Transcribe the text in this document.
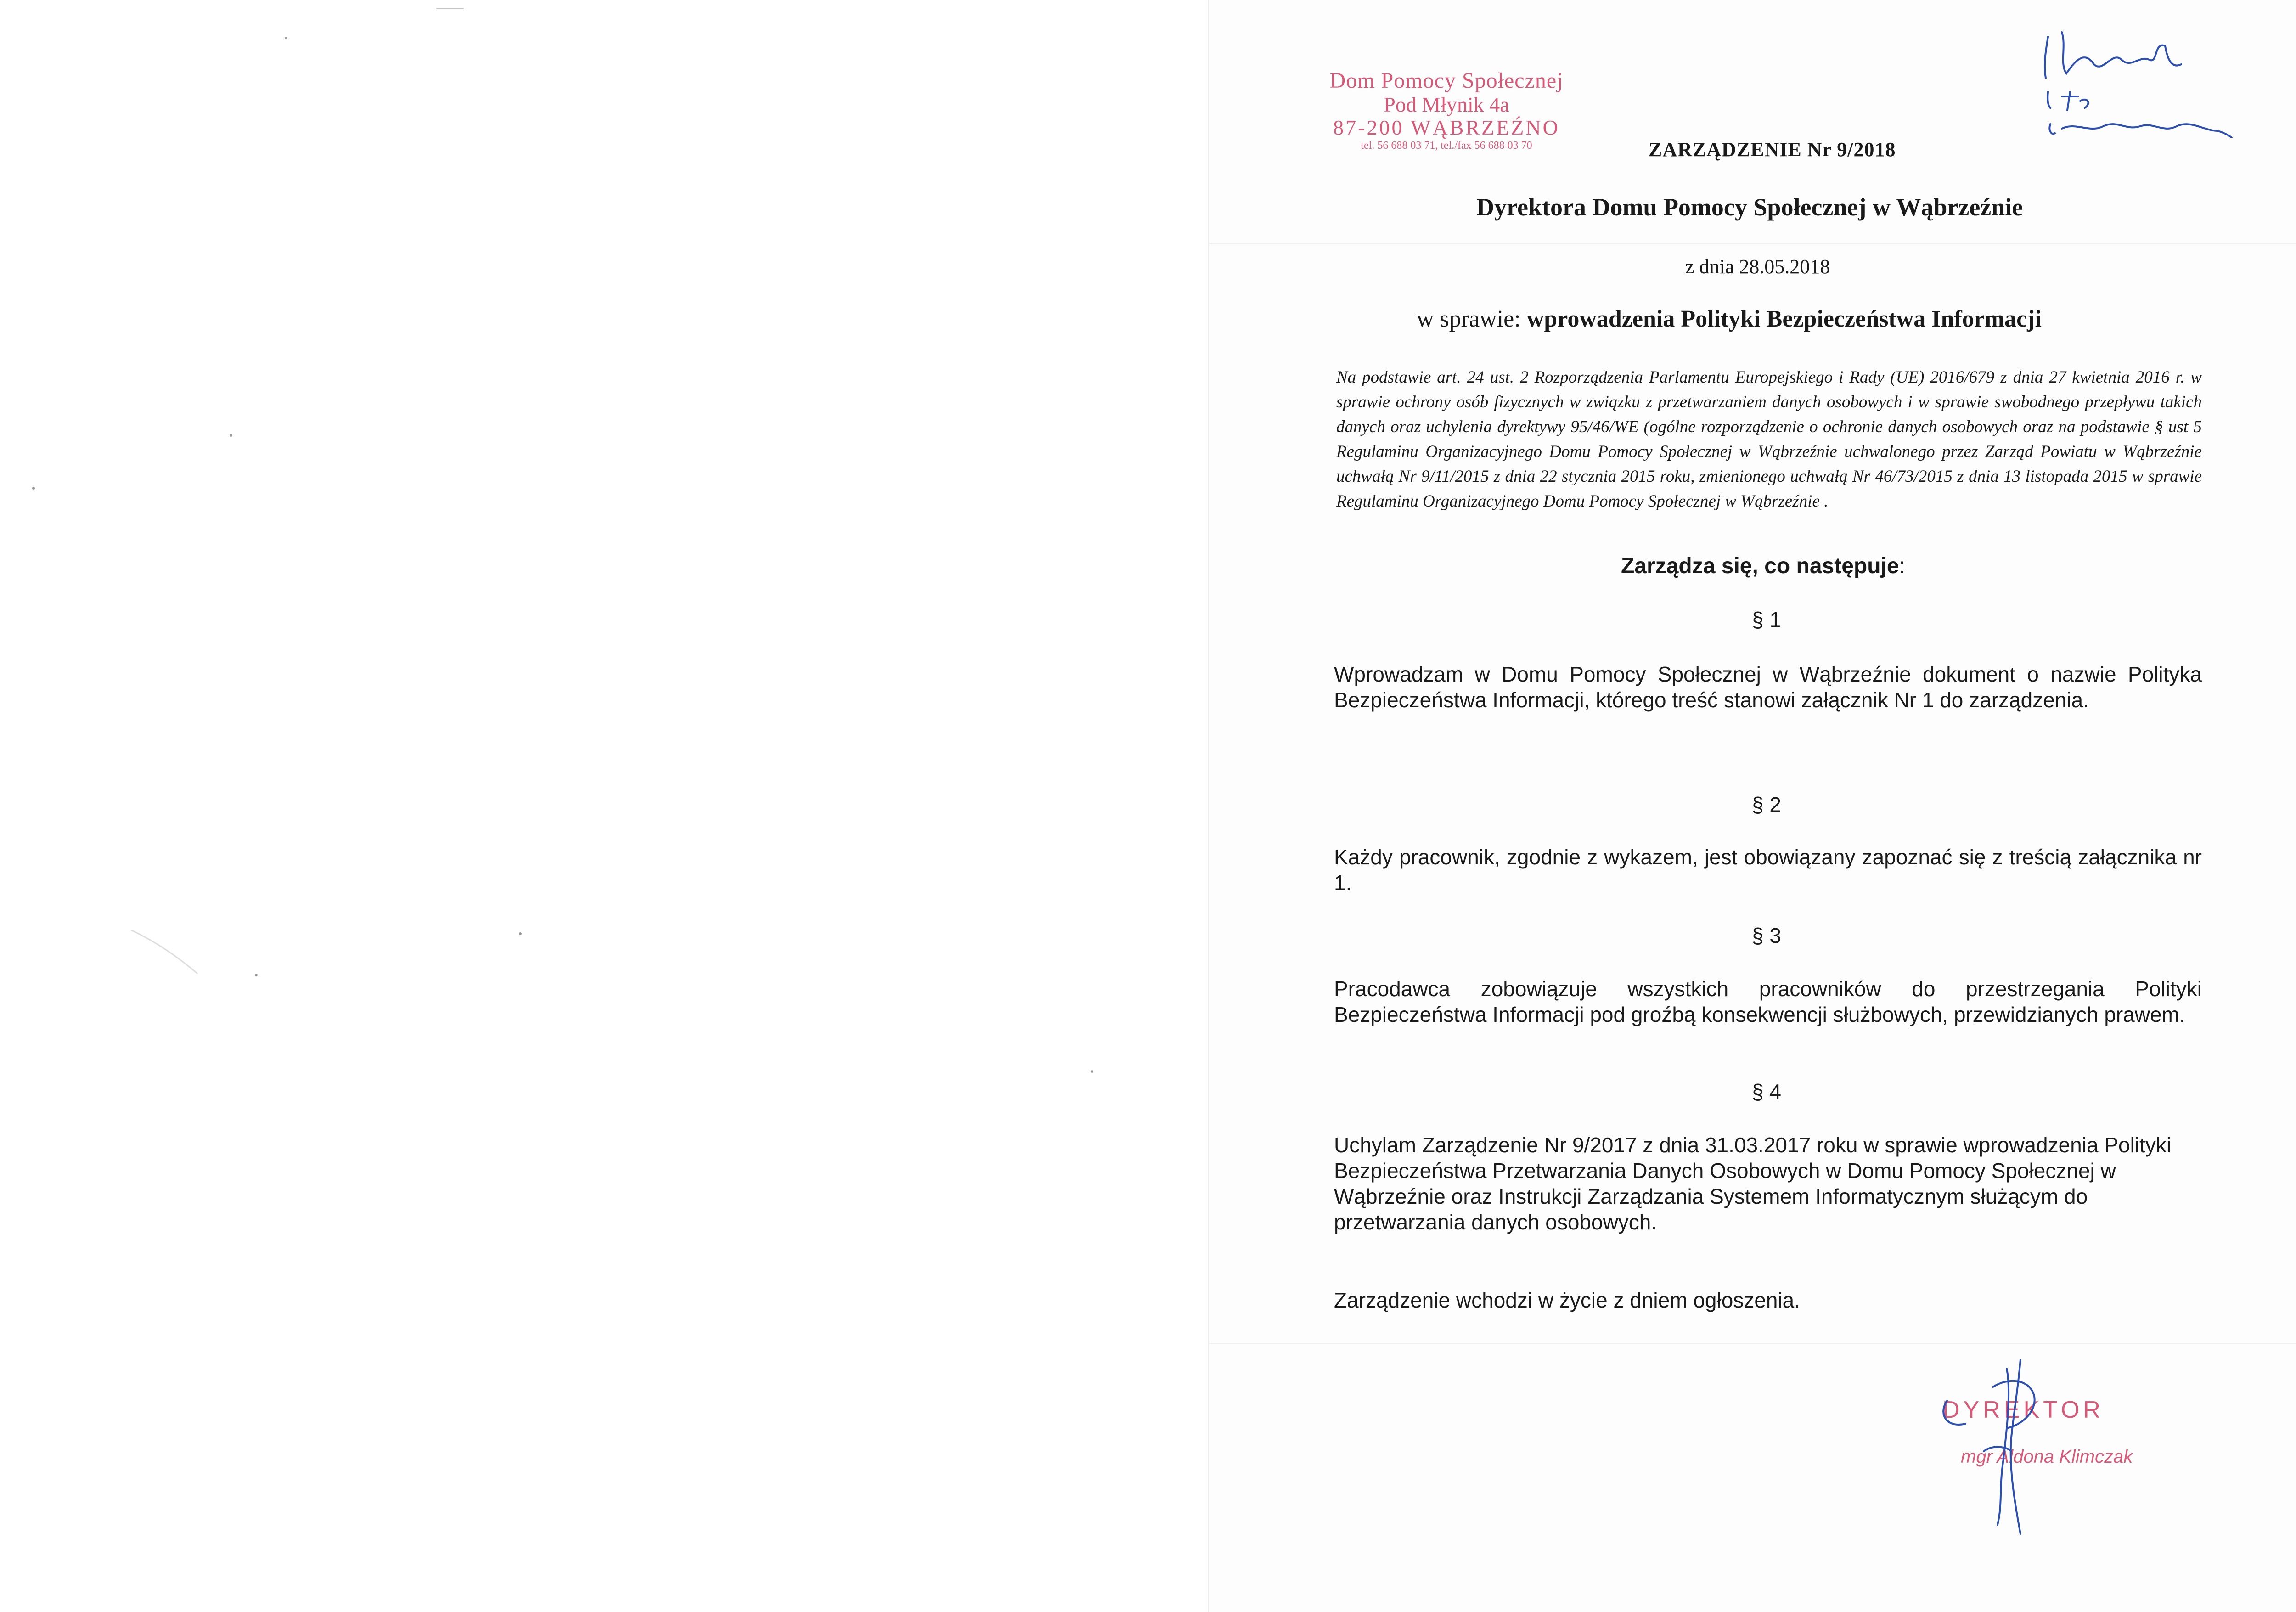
Dom Pomocy Społecznej
Pod Młynik 4a
87-200 WĄBRZEŹNO
tel. 56 688 03 71, tel./fax 56 688 03 70	ZARZĄDZENIE Nr 9/2018
Dyrektora Domu Pomocy Społecznej w Wąbrzeźnie
z dnia 28.05.2018
w sprawie: wprowadzenia Polityki Bezpieczeństwa Informacji
Na podstawie art. 24 ust. 2 Rozporządzenia Parlamentu Europejskiego i Rady (UE) 2016/679 z dnia 27 kwietnia 2016 r. w sprawie ochrony osób fizycznych w związku z przetwarzaniem danych osobowych i w sprawie swobodnego przepływu takich danych oraz uchylenia dyrektywy 95/46/WE (ogólne rozporządzenie o ochronie danych osobowych oraz na podstawie § ust 5 Regulaminu Organizacyjnego Domu Pomocy Społecznej w Wąbrzeźnie uchwalonego przez Zarząd Powiatu w Wąbrzeźnie uchwałą Nr 9/11/2015 z dnia 22 stycznia 2015 roku, zmienionego uchwałą Nr 46/73/2015 z dnia 13 listopada 2015 w sprawie Regulaminu Organizacyjnego Domu Pomocy Społecznej w Wąbrzeźnie .
Zarządza się, co następuje:
§ 1
Wprowadzam w Domu Pomocy Społecznej w Wąbrzeźnie dokument o nazwie Polityka Bezpieczeństwa Informacji, którego treść stanowi załącznik Nr 1 do zarządzenia.
§ 2
Każdy pracownik, zgodnie z wykazem, jest obowiązany zapoznać się z treścią załącznika nr 1.
§ 3
Pracodawca zobowiązuje wszystkich pracowników do przestrzegania Polityki Bezpieczeństwa Informacji pod groźbą konsekwencji służbowych, przewidzianych prawem.
§ 4
Uchylam Zarządzenie Nr 9/2017 z dnia 31.03.2017 roku w sprawie wprowadzenia Polityki Bezpieczeństwa Przetwarzania Danych Osobowych w Domu Pomocy Społecznej w Wąbrzeźnie oraz Instrukcji Zarządzania Systemem Informatycznym służącym do przetwarzania danych osobowych.
Zarządzenie wchodzi w życie z dniem ogłoszenia.
DYREKTOR
mgr Aldona Klimczak
